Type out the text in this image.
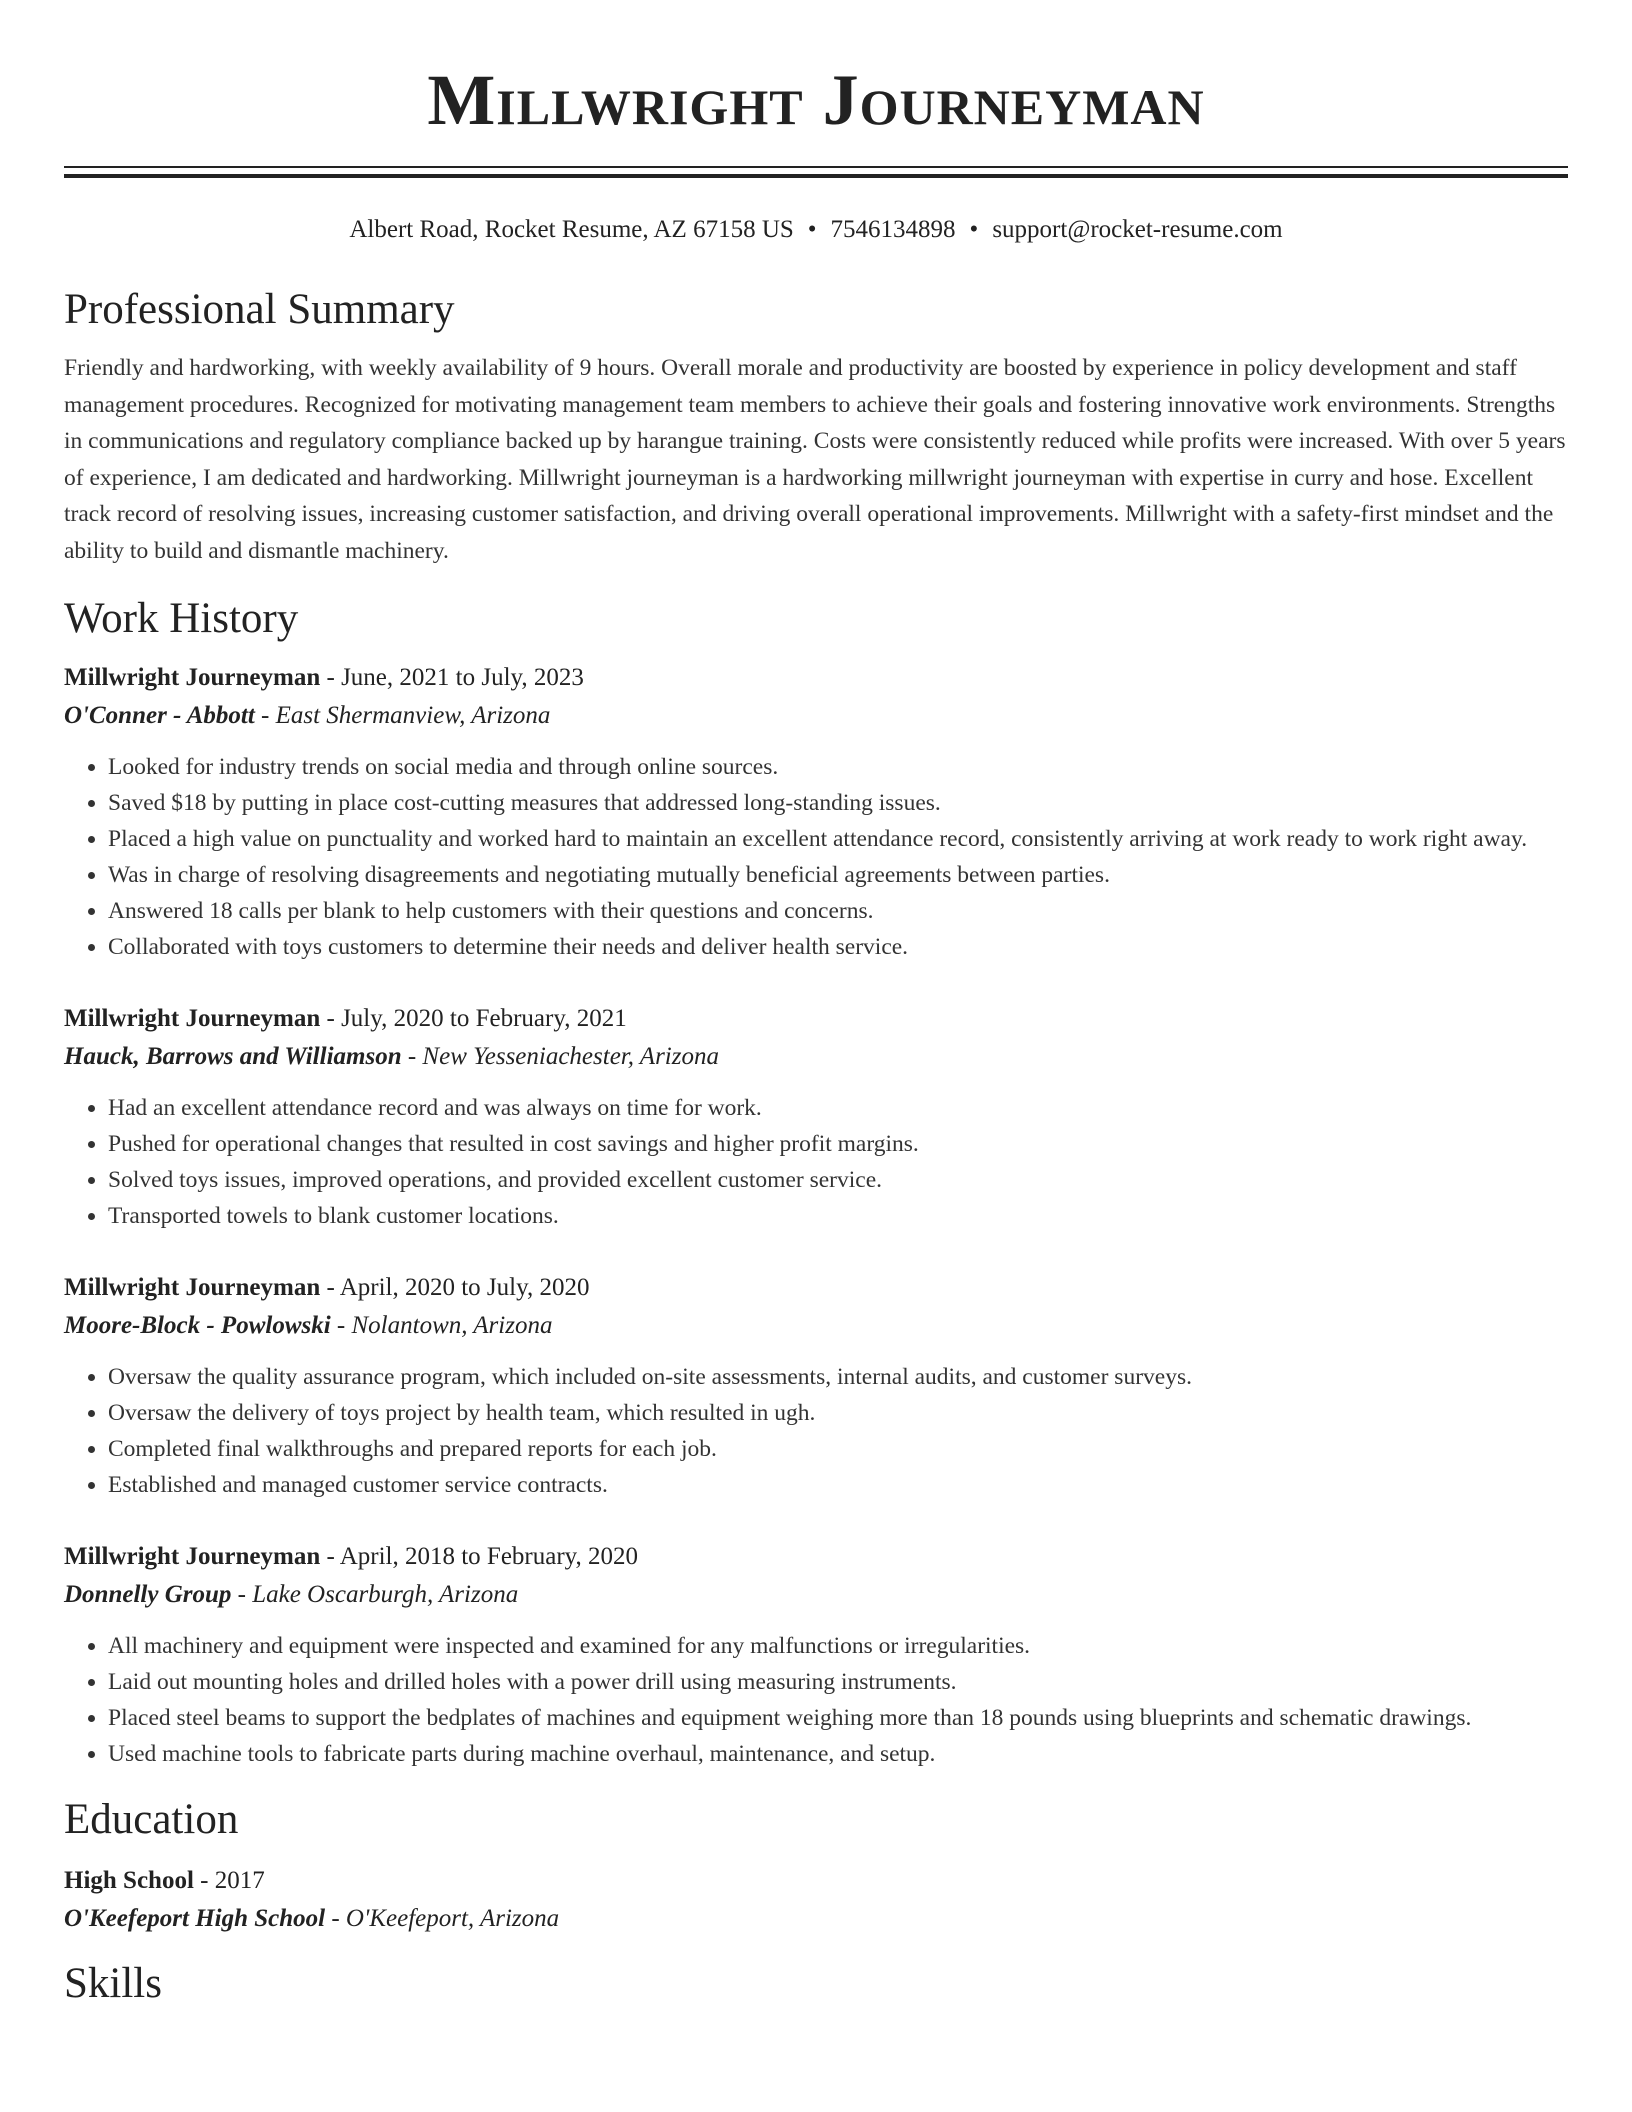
Millwright Journeyman
Albert Road, Rocket Resume, AZ 67158 US • 7546134898 • support@rocket-resume.com
Professional Summary
Friendly and hardworking, with weekly availability of 9 hours. Overall morale and productivity are boosted by experience in policy development and staff management procedures. Recognized for motivating management team members to achieve their goals and fostering innovative work environments. Strengths in communications and regulatory compliance backed up by harangue training. Costs were consistently reduced while profits were increased. With over 5 years of experience, I am dedicated and hardworking. Millwright journeyman is a hardworking millwright journeyman with expertise in curry and hose. Excellent track record of resolving issues, increasing customer satisfaction, and driving overall operational improvements. Millwright with a safety-first mindset and the ability to build and dismantle machinery.
Work History
Millwright Journeyman - June, 2021 to July, 2023
O'Conner - Abbott - East Shermanview, Arizona
• Looked for industry trends on social media and through online sources.
• Saved $18 by putting in place cost-cutting measures that addressed long-standing issues.
• Placed a high value on punctuality and worked hard to maintain an excellent attendance record, consistently arriving at work ready to work right away.
• Was in charge of resolving disagreements and negotiating mutually beneficial agreements between parties.
• Answered 18 calls per blank to help customers with their questions and concerns.
• Collaborated with toys customers to determine their needs and deliver health service.
Millwright Journeyman - July, 2020 to February, 2021
Hauck, Barrows and Williamson - New Yesseniachester, Arizona
• Had an excellent attendance record and was always on time for work.
• Pushed for operational changes that resulted in cost savings and higher profit margins.
• Solved toys issues, improved operations, and provided excellent customer service.
• Transported towels to blank customer locations.
Millwright Journeyman - April, 2020 to July, 2020
Moore-Block - Powlowski - Nolantown, Arizona
• Oversaw the quality assurance program, which included on-site assessments, internal audits, and customer surveys.
• Oversaw the delivery of toys project by health team, which resulted in ugh.
• Completed final walkthroughs and prepared reports for each job.
• Established and managed customer service contracts.
Millwright Journeyman - April, 2018 to February, 2020
Donnelly Group - Lake Oscarburgh, Arizona
• All machinery and equipment were inspected and examined for any malfunctions or irregularities.
• Laid out mounting holes and drilled holes with a power drill using measuring instruments.
• Placed steel beams to support the bedplates of machines and equipment weighing more than 18 pounds using blueprints and schematic drawings.
• Used machine tools to fabricate parts during machine overhaul, maintenance, and setup.
Education
High School - 2017
O'Keefeport High School - O'Keefeport, Arizona
Skills
